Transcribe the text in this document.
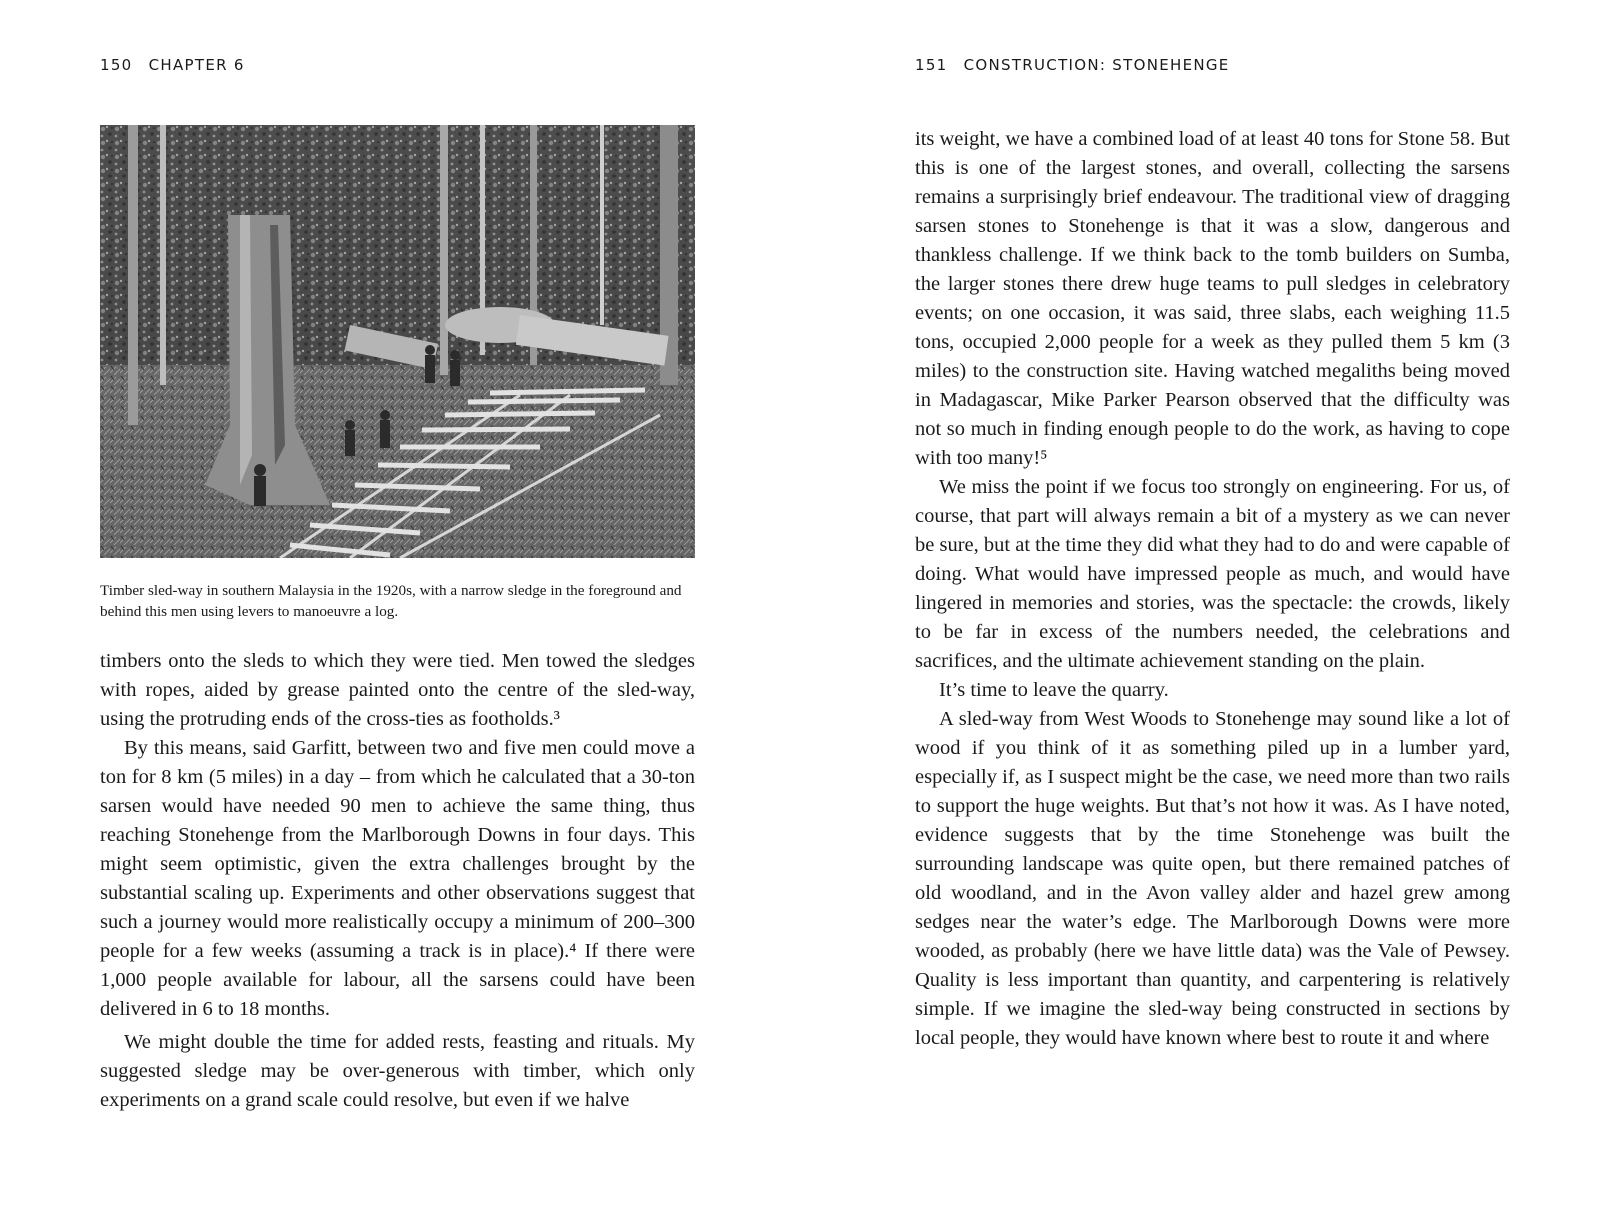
150 CHAPTER 6
Timber sled-way in southern Malaysia in the 1920s, with a narrow sledge in the foreground and behind this men using levers to manoeuvre a log.

timbers onto the sleds to which they were tied. Men towed the sledges with ropes, aided by grease painted onto the centre of the sled-way, using the protruding ends of the cross-ties as footholds.³

By this means, said Garfitt, between two and five men could move a ton for 8 km (5 miles) in a day – from which he calculated that a 30-ton sarsen would have needed 90 men to achieve the same thing, thus reaching Stonehenge from the Marlborough Downs in four days. This might seem optimistic, given the extra challenges brought by the substantial scaling up. Experiments and other observations suggest that such a journey would more realistically occupy a minimum of 200–300 people for a few weeks (assuming a track is in place).⁴ If there were 1,000 people available for labour, all the sarsens could have been delivered in 6 to 18 months.

We might double the time for added rests, feasting and rituals. My suggested sledge may be over-generous with timber, which only experiments on a grand scale could resolve, but even if we halve

151 CONSTRUCTION: STONEHENGE

its weight, we have a combined load of at least 40 tons for Stone 58. But this is one of the largest stones, and overall, collecting the sarsens remains a surprisingly brief endeavour. The traditional view of dragging sarsen stones to Stonehenge is that it was a slow, dangerous and thankless challenge. If we think back to the tomb builders on Sumba, the larger stones there drew huge teams to pull sledges in celebratory events; on one occasion, it was said, three slabs, each weighing 11.5 tons, occupied 2,000 people for a week as they pulled them 5 km (3 miles) to the construction site. Having watched megaliths being moved in Madagascar, Mike Parker Pearson observed that the difficulty was not so much in finding enough people to do the work, as having to cope with too many!⁵

We miss the point if we focus too strongly on engineering. For us, of course, that part will always remain a bit of a mystery as we can never be sure, but at the time they did what they had to do and were capable of doing. What would have impressed people as much, and would have lingered in memories and stories, was the spectacle: the crowds, likely to be far in excess of the numbers needed, the celebrations and sacrifices, and the ultimate achievement standing on the plain.

It’s time to leave the quarry.

A sled-way from West Woods to Stonehenge may sound like a lot of wood if you think of it as something piled up in a lumber yard, especially if, as I suspect might be the case, we need more than two rails to support the huge weights. But that’s not how it was. As I have noted, evidence suggests that by the time Stonehenge was built the surrounding landscape was quite open, but there remained patches of old woodland, and in the Avon valley alder and hazel grew among sedges near the water’s edge. The Marlborough Downs were more wooded, as probably (here we have little data) was the Vale of Pewsey. Quality is less important than quantity, and carpentering is relatively simple. If we imagine the sled-way being constructed in sections by local people, they would have known where best to route it and where
